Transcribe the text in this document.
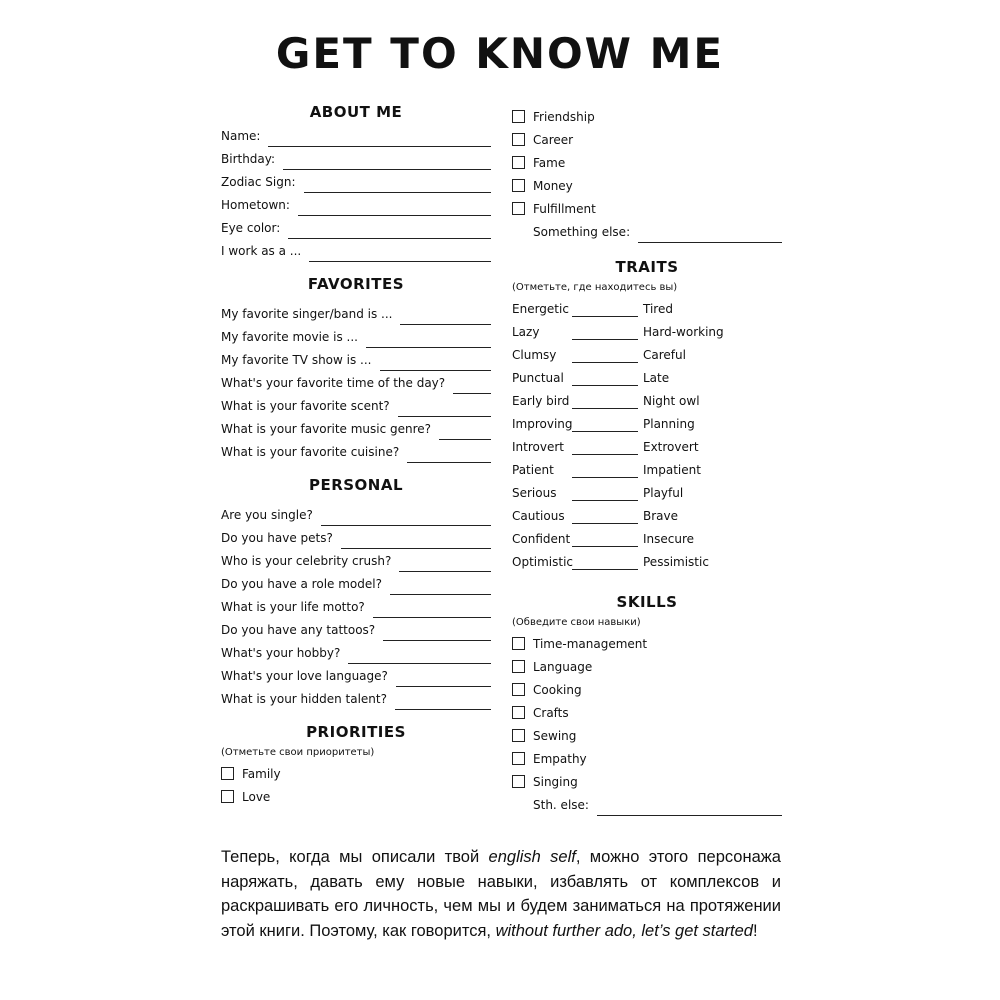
GET TO KNOW ME
ABOUT ME
Name:
Birthday:
Zodiac Sign:
Hometown:
Eye color:
I work as a ...
FAVORITES
My favorite singer/band is ...
My favorite movie is ...
My favorite TV show is ...
What's your favorite time of the day?
What is your favorite scent?
What is your favorite music genre?
What is your favorite cuisine?
PERSONAL
Are you single?
Do you have pets?
Who is your celebrity crush?
Do you have a role model?
What is your life motto?
Do you have any tattoos?
What's your hobby?
What's your love language?
What is your hidden talent?
PRIORITIES
(Отметьте свои приоритеты)
Family
Love
Friendship
Career
Fame
Money
Fulfillment
Something else:
TRAITS
(Отметьте, где находитесь вы)
Energetic	Tired
Lazy	Hard-working
Clumsy	Careful
Punctual	Late
Early bird	Night owl
Improving	Planning
Introvert	Extrovert
Patient	Impatient
Serious	Playful
Cautious	Brave
Confident	Insecure
Optimistic	Pessimistic
SKILLS
(Обведите свои навыки)
Time-management
Language
Cooking
Crafts
Sewing
Empathy
Singing
Sth. else:
Теперь, когда мы описали твой english self, можно этого персонажа наряжать, давать ему новые навыки, избавлять от комплексов и раскрашивать его личность, чем мы и будем заниматься на протяжении этой книги. Поэтому, как говорится, without further ado, let’s get started!
